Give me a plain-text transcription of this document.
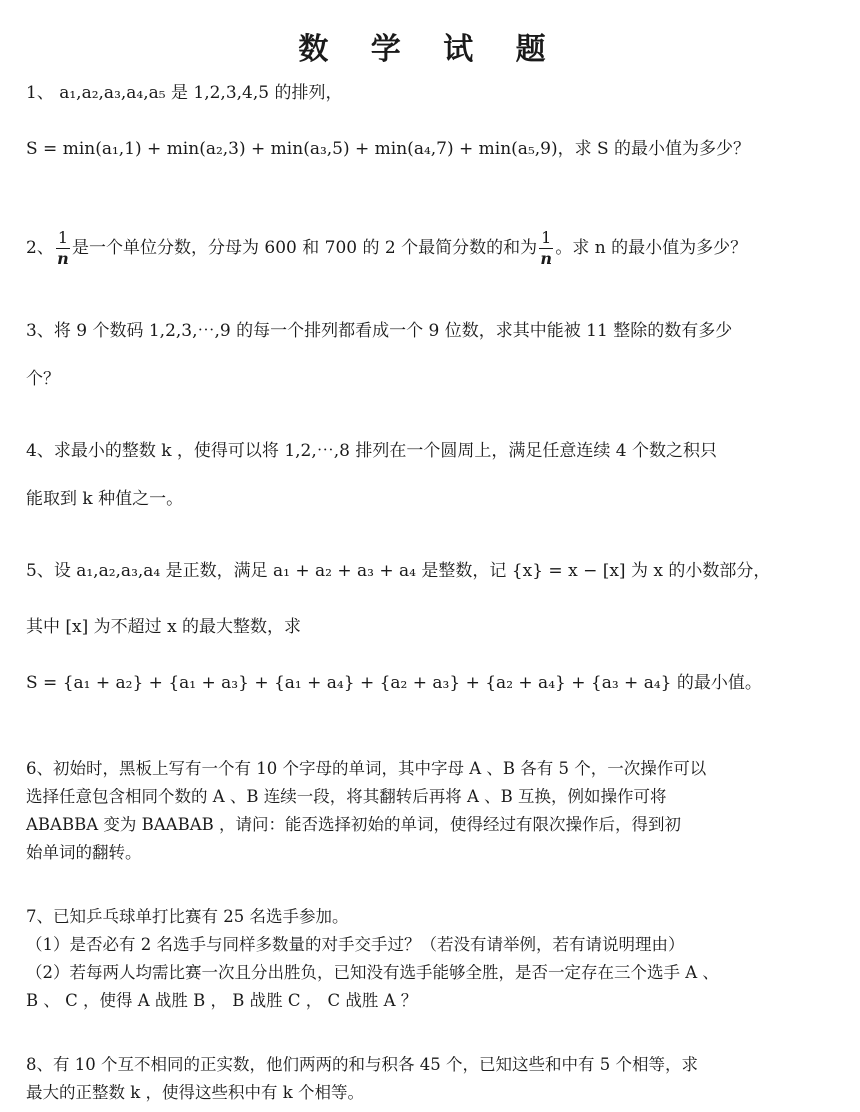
数 学 试 题
1、 a₁,a₂,a₃,a₄,a₅ 是 1,2,3,4,5 的排列，
S = min(a₁,1) + min(a₂,3) + min(a₃,5) + min(a₄,7) + min(a₅,9)，求 S 的最小值为多少？
2、 $\frac{1}{n}$ 是一个单位分数，分母为 600 和 700 的 2 个最简分数的和为 $\frac{1}{n}$ 。求 n 的最小值为多少？
3、将 9 个数码 1,2,3,⋯,9 的每一个排列都看成一个 9 位数，求其中能被 11 整除的数有多少
个？
4、求最小的整数 k ，使得可以将 1,2,⋯,8 排列在一个圆周上，满足任意连续 4 个数之积只
能取到 k 种值之一。
5、设 a₁,a₂,a₃,a₄ 是正数，满足 a₁ + a₂ + a₃ + a₄ 是整数，记 {x} = x − [x] 为 x 的小数部分，
其中 [x] 为不超过 x 的最大整数，求
S = {a₁ + a₂} + {a₁ + a₃} + {a₁ + a₄} + {a₂ + a₃} + {a₂ + a₄} + {a₃ + a₄} 的最小值。
6、初始时，黑板上写有一个有 10 个字母的单词，其中字母 A 、B 各有 5 个，一次操作可以
选择任意包含相同个数的 A 、B 连续一段，将其翻转后再将 A 、B 互换，例如操作可将
ABABBA 变为 BAABAB ，请问：能否选择初始的单词，使得经过有限次操作后，得到初
始单词的翻转。
7、已知乒乓球单打比赛有 25 名选手参加。
（1）是否必有 2 名选手与同样多数量的对手交手过？（若没有请举例，若有请说明理由）
（2）若每两人均需比赛一次且分出胜负，已知没有选手能够全胜，是否一定存在三个选手 A 、
B 、 C ，使得 A 战胜 B ， B 战胜 C ， C 战胜 A ？
8、有 10 个互不相同的正实数，他们两两的和与积各 45 个，已知这些和中有 5 个相等，求
最大的正整数 k ，使得这些积中有 k 个相等。
